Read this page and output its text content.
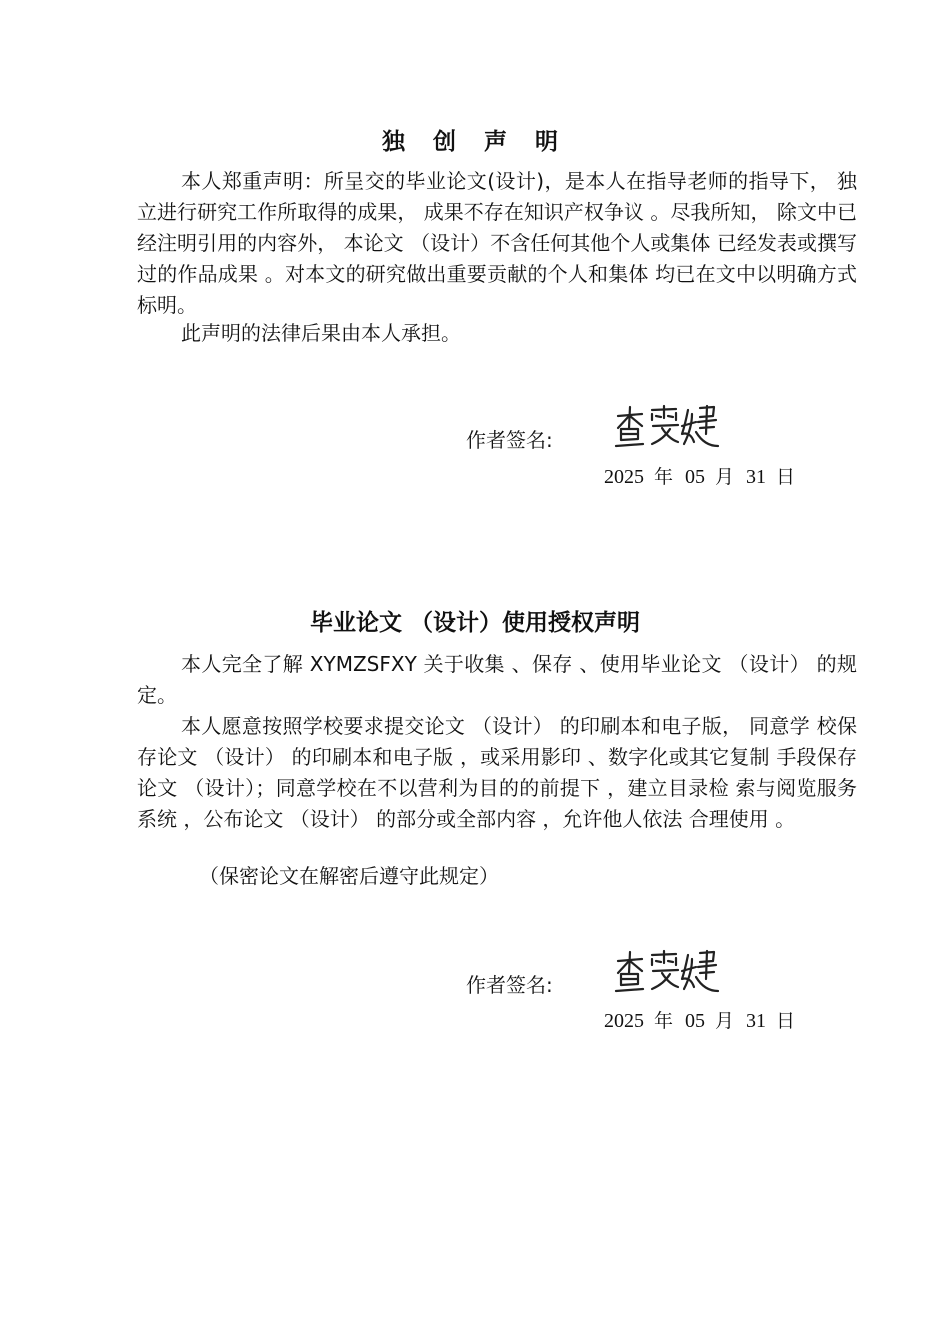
独 创 声 明

本人郑重声明：所呈交的毕业论文(设计)，是本人在指导老师的指导下， 独立进行研究工作所取得的成果， 成果不存在知识产权争议 。尽我所知， 除文中已经注明引用的内容外， 本论文 （设计）不含任何其他个人或集体 已经发表或撰写过的作品成果 。对本文的研究做出重要贡献的个人和集体 均已在文中以明确方式标明。

此声明的法律后果由本人承担。

作者签名:
2025 年 05 月 31 日
毕业论文 （设计）使用授权声明

本人完全了解 XYMZSFXY 关于收集 、保存 、使用毕业论文 （设计） 的规定。

本人愿意按照学校要求提交论文 （设计） 的印刷本和电子版， 同意学 校保存论文 （设计） 的印刷本和电子版 ，或采用影印 、数字化或其它复制 手段保存论文 （设计）；同意学校在不以营利为目的的前提下 ，建立目录检 索与阅览服务系统 ，公布论文 （设计） 的部分或全部内容 ，允许他人依法 合理使用 。

（保密论文在解密后遵守此规定）

作者签名:
2025 年 05 月 31 日
